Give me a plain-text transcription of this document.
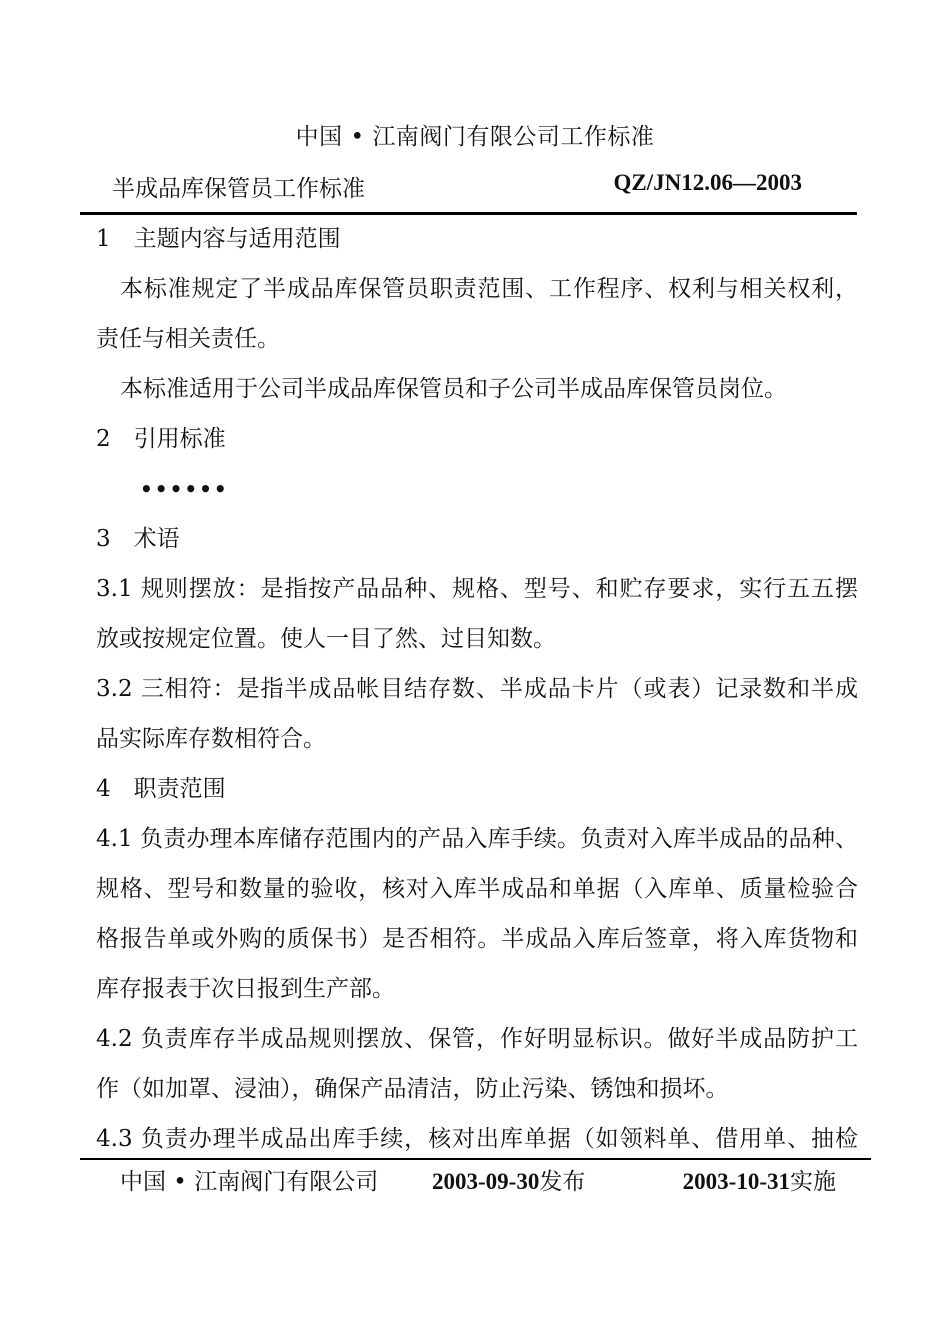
中国 • 江南阀门有限公司工作标准
半成品库保管员工作标准	QZ/JN12.06—2003
1　主题内容与适用范围
本标准规定了半成品库保管员职责范围、工作程序、权利与相关权利，
责任与相关责任。
本标准适用于公司半成品库保管员和子公司半成品库保管员岗位。
2　引用标准
••••••
3　术语
3.1 规则摆放：是指按产品品种、规格、型号、和贮存要求，实行五五摆
放或按规定位置。使人一目了然、过目知数。
3.2 三相符：是指半成品帐目结存数、半成品卡片（或表）记录数和半成
品实际库存数相符合。
4　职责范围
4.1 负责办理本库储存范围内的产品入库手续。负责对入库半成品的品种、
规格、型号和数量的验收，核对入库半成品和单据（入库单、质量检验合
格报告单或外购的质保书）是否相符。半成品入库后签章，将入库货物和
库存报表于次日报到生产部。
4.2 负责库存半成品规则摆放、保管，作好明显标识。做好半成品防护工
作（如加罩、浸油），确保产品清洁，防止污染、锈蚀和损坏。
4.3 负责办理半成品出库手续，核对出库单据（如领料单、借用单、抽检
中国 • 江南阀门有限公司 2003-09-30发布	2003-10-31实施
